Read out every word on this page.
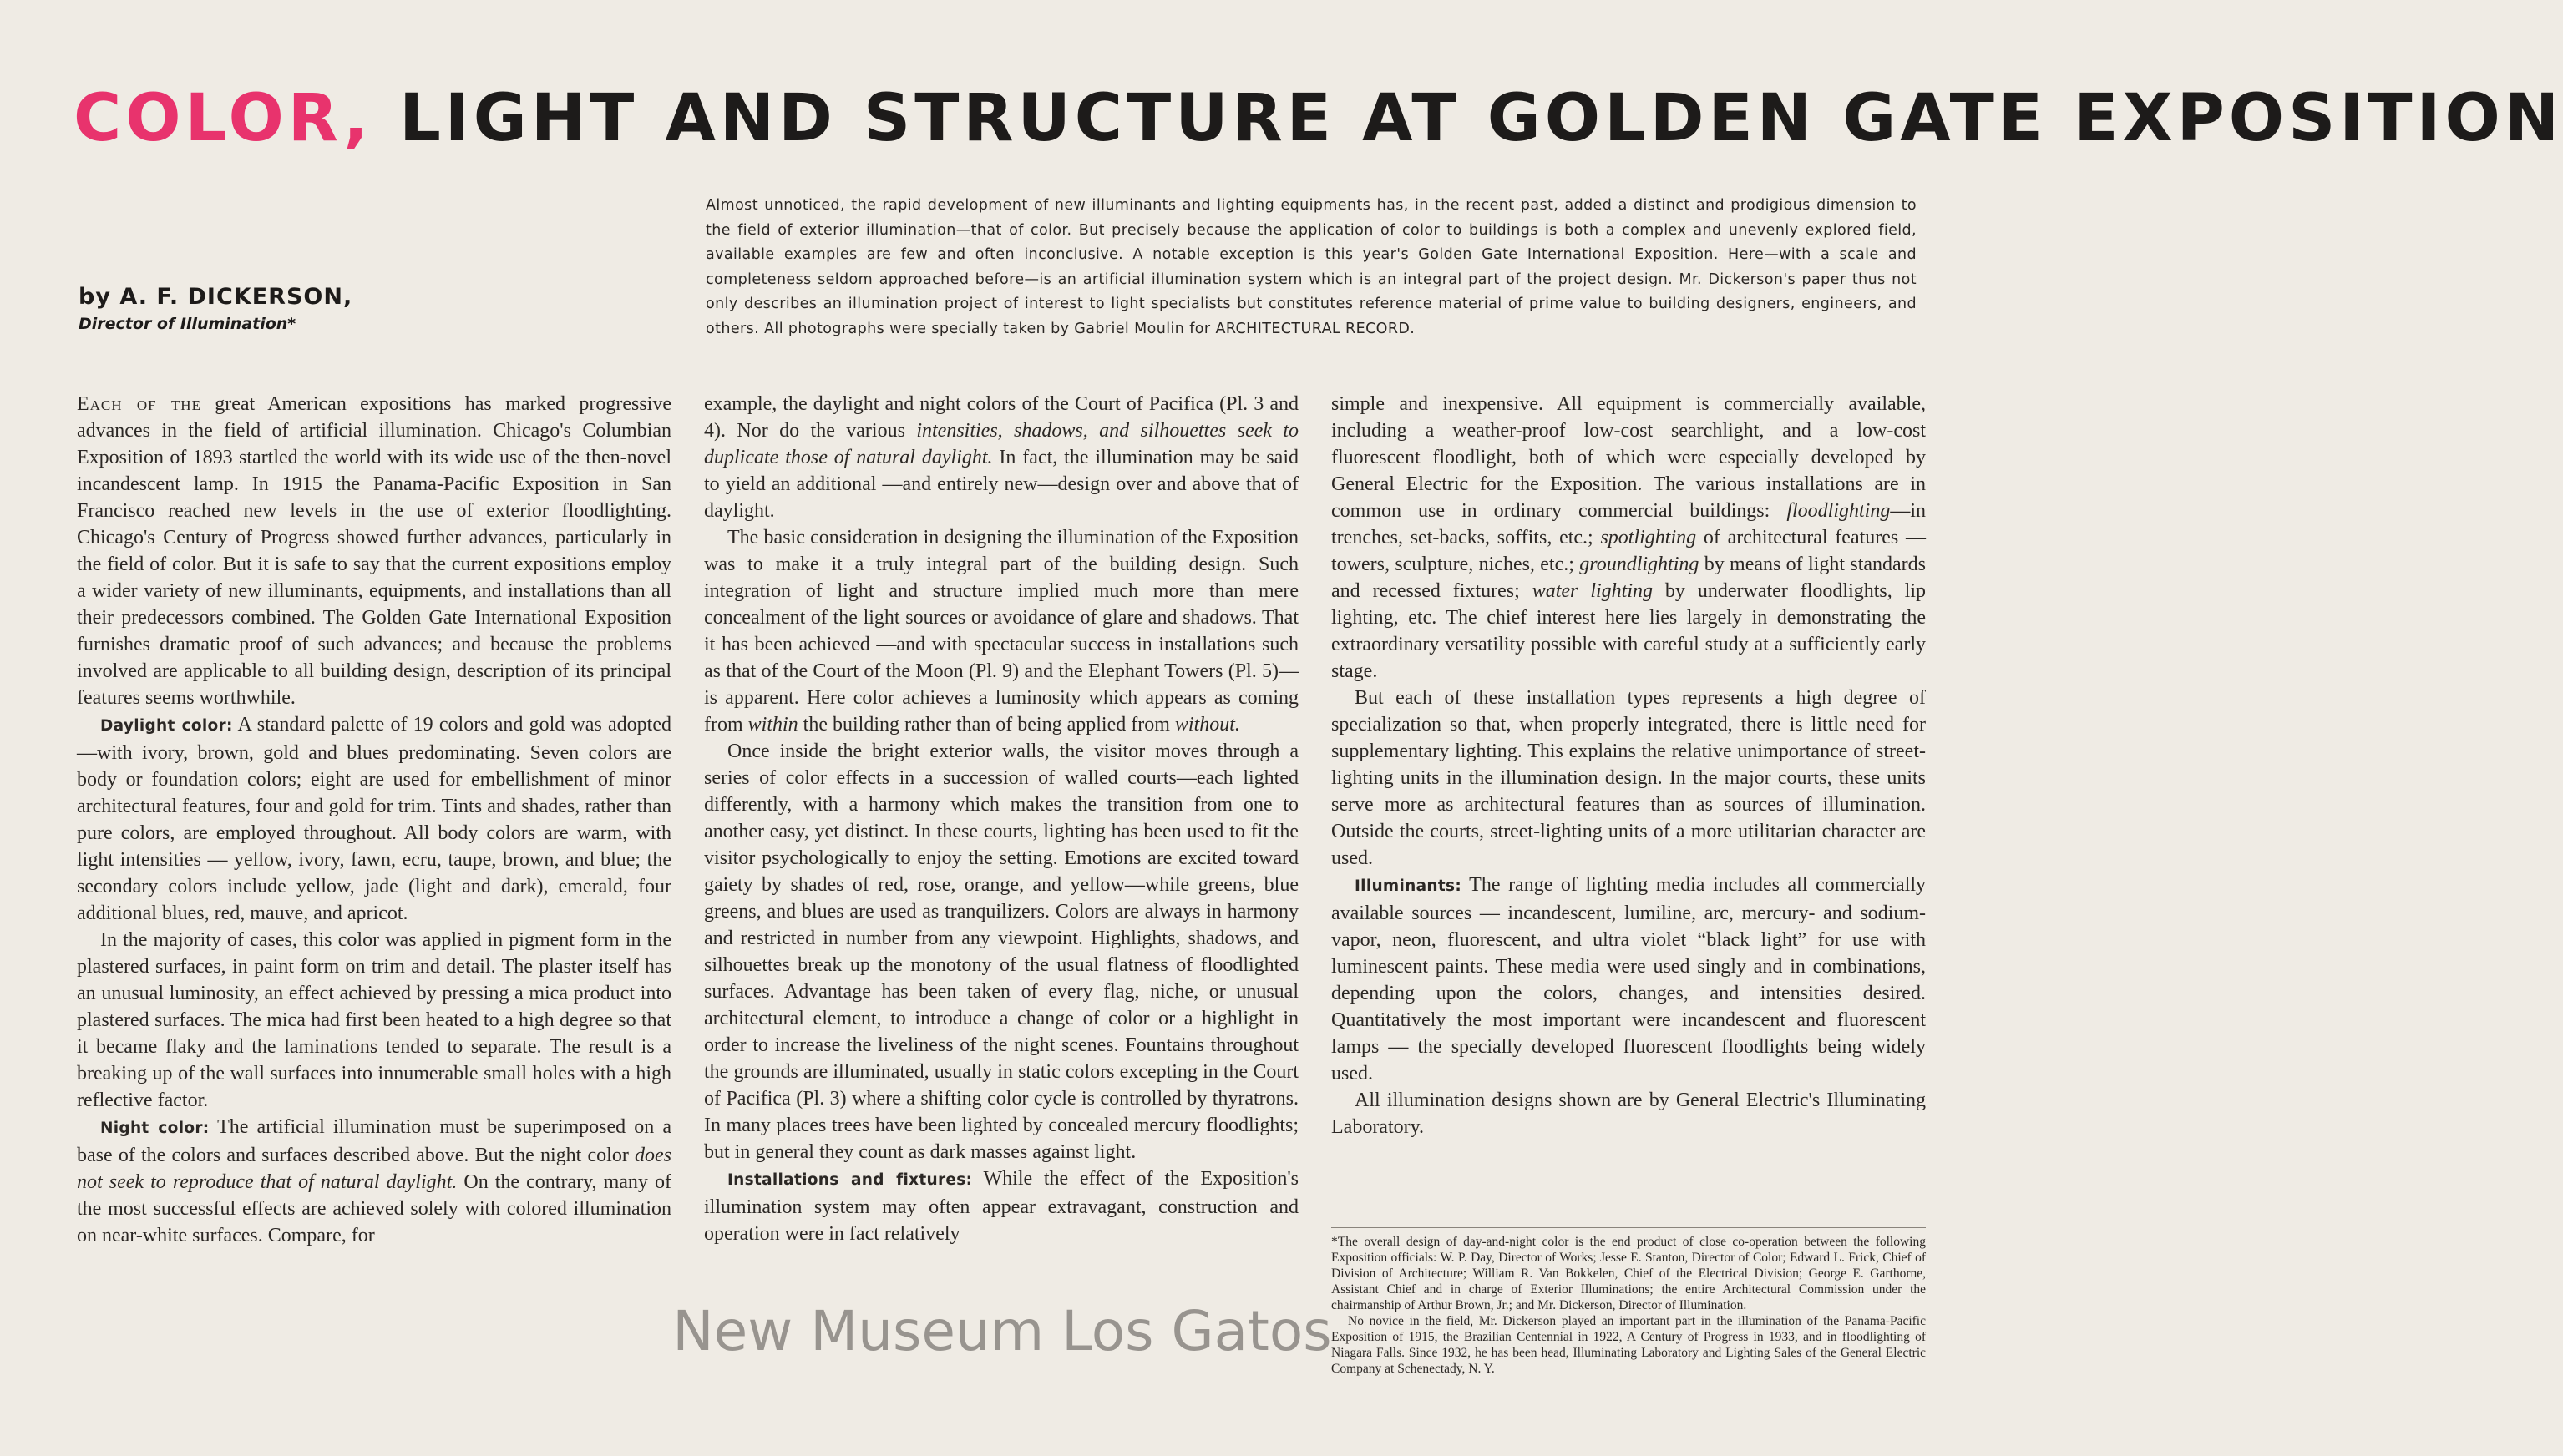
COLOR, LIGHT AND STRUCTURE AT GOLDEN GATE EXPOSITION
by A. F. DICKERSON,
Director of Illumination*

Almost unnoticed, the rapid development of new illuminants and lighting equipments has, in the recent past, added a distinct and prodigious dimension to the field of exterior illumination—that of color. But precisely because the application of color to buildings is both a complex and unevenly explored field, available examples are few and often inconclusive. A notable exception is this year's Golden Gate International Exposition. Here—with a scale and completeness seldom approached before—is an artificial illumination system which is an integral part of the project design. Mr. Dickerson's paper thus not only describes an illumination project of interest to light specialists but constitutes reference material of prime value to building designers, engineers, and others. All photographs were specially taken by Gabriel Moulin for ARCHITECTURAL RECORD.

Each of the great American expositions has marked progressive advances in the field of artificial illumination. Chicago's Columbian Exposition of 1893 startled the world with its wide use of the then-novel incandescent lamp. In 1915 the Panama-Pacific Exposition in San Francisco reached new levels in the use of exterior floodlighting. Chicago's Century of Progress showed further advances, particularly in the field of color. But it is safe to say that the current expositions employ a wider variety of new illuminants, equipments, and installations than all their predecessors combined. The Golden Gate International Exposition furnishes dramatic proof of such advances; and because the problems involved are applicable to all building design, description of its principal features seems worthwhile.

Daylight color: A standard palette of 19 colors and gold was adopted—with ivory, brown, gold and blues predominating. Seven colors are body or foundation colors; eight are used for embellishment of minor architectural features, four and gold for trim. Tints and shades, rather than pure colors, are employed throughout. All body colors are warm, with light intensities — yellow, ivory, fawn, ecru, taupe, brown, and blue; the secondary colors include yellow, jade (light and dark), emerald, four additional blues, red, mauve, and apricot.

In the majority of cases, this color was applied in pigment form in the plastered surfaces, in paint form on trim and detail. The plaster itself has an unusual luminosity, an effect achieved by pressing a mica product into plastered surfaces. The mica had first been heated to a high degree so that it became flaky and the laminations tended to separate. The result is a breaking up of the wall surfaces into innumerable small holes with a high reflective factor.

Night color: The artificial illumination must be superimposed on a base of the colors and surfaces described above. But the night color does not seek to reproduce that of natural daylight. On the contrary, many of the most successful effects are achieved solely with colored illumination on near-white surfaces. Compare, for

example, the daylight and night colors of the Court of Pacifica (Pl. 3 and 4). Nor do the various intensities, shadows, and silhouettes seek to duplicate those of natural daylight. In fact, the illumination may be said to yield an additional —and entirely new—design over and above that of daylight.

The basic consideration in designing the illumination of the Exposition was to make it a truly integral part of the building design. Such integration of light and structure implied much more than mere concealment of the light sources or avoidance of glare and shadows. That it has been achieved —and with spectacular success in installations such as that of the Court of the Moon (Pl. 9) and the Elephant Towers (Pl. 5)—is apparent. Here color achieves a luminosity which appears as coming from within the building rather than of being applied from without.

Once inside the bright exterior walls, the visitor moves through a series of color effects in a succession of walled courts—each lighted differently, with a harmony which makes the transition from one to another easy, yet distinct. In these courts, lighting has been used to fit the visitor psychologically to enjoy the setting. Emotions are excited toward gaiety by shades of red, rose, orange, and yellow—while greens, blue greens, and blues are used as tranquilizers. Colors are always in harmony and restricted in number from any viewpoint. Highlights, shadows, and silhouettes break up the monotony of the usual flatness of floodlighted surfaces. Advantage has been taken of every flag, niche, or unusual architectural element, to introduce a change of color or a highlight in order to increase the liveliness of the night scenes. Fountains throughout the grounds are illuminated, usually in static colors excepting in the Court of Pacifica (Pl. 3) where a shifting color cycle is controlled by thyratrons. In many places trees have been lighted by concealed mercury floodlights; but in general they count as dark masses against light.

Installations and fixtures: While the effect of the Exposition's illumination system may often appear extravagant, construction and operation were in fact relatively

simple and inexpensive. All equipment is commercially available, including a weather-proof low-cost searchlight, and a low-cost fluorescent floodlight, both of which were especially developed by General Electric for the Exposition. The various installations are in common use in ordinary commercial buildings: floodlighting—in trenches, set-backs, soffits, etc.; spotlighting of architectural features —towers, sculpture, niches, etc.; groundlighting by means of light standards and recessed fixtures; water lighting by underwater floodlights, lip lighting, etc. The chief interest here lies largely in demonstrating the extraordinary versatility possible with careful study at a sufficiently early stage.

But each of these installation types represents a high degree of specialization so that, when properly integrated, there is little need for supplementary lighting. This explains the relative unimportance of street-lighting units in the illumination design. In the major courts, these units serve more as architectural features than as sources of illumination. Outside the courts, street-lighting units of a more utilitarian character are used.

Illuminants: The range of lighting media includes all commercially available sources — incandescent, lumiline, arc, mercury- and sodium-vapor, neon, fluorescent, and ultra violet “black light” for use with luminescent paints. These media were used singly and in combinations, depending upon the colors, changes, and intensities desired. Quantitatively the most important were incandescent and fluorescent lamps — the specially developed fluorescent floodlights being widely used.

All illumination designs shown are by General Electric's Illuminating Laboratory.

*The overall design of day-and-night color is the end product of close co-operation between the following Exposition officials: W. P. Day, Director of Works; Jesse E. Stanton, Director of Color; Edward L. Frick, Chief of Division of Architecture; William R. Van Bokkelen, Chief of the Electrical Division; George E. Garthorne, Assistant Chief and in charge of Exterior Illuminations; the entire Architectural Commission under the chairmanship of Arthur Brown, Jr.; and Mr. Dickerson, Director of Illumination.

No novice in the field, Mr. Dickerson played an important part in the illumination of the Panama-Pacific Exposition of 1915, the Brazilian Centennial in 1922, A Century of Progress in 1933, and in floodlighting of Niagara Falls. Since 1932, he has been head, Illuminating Laboratory and Lighting Sales of the General Electric Company at Schenectady, N. Y.

New Museum Los Gatos
